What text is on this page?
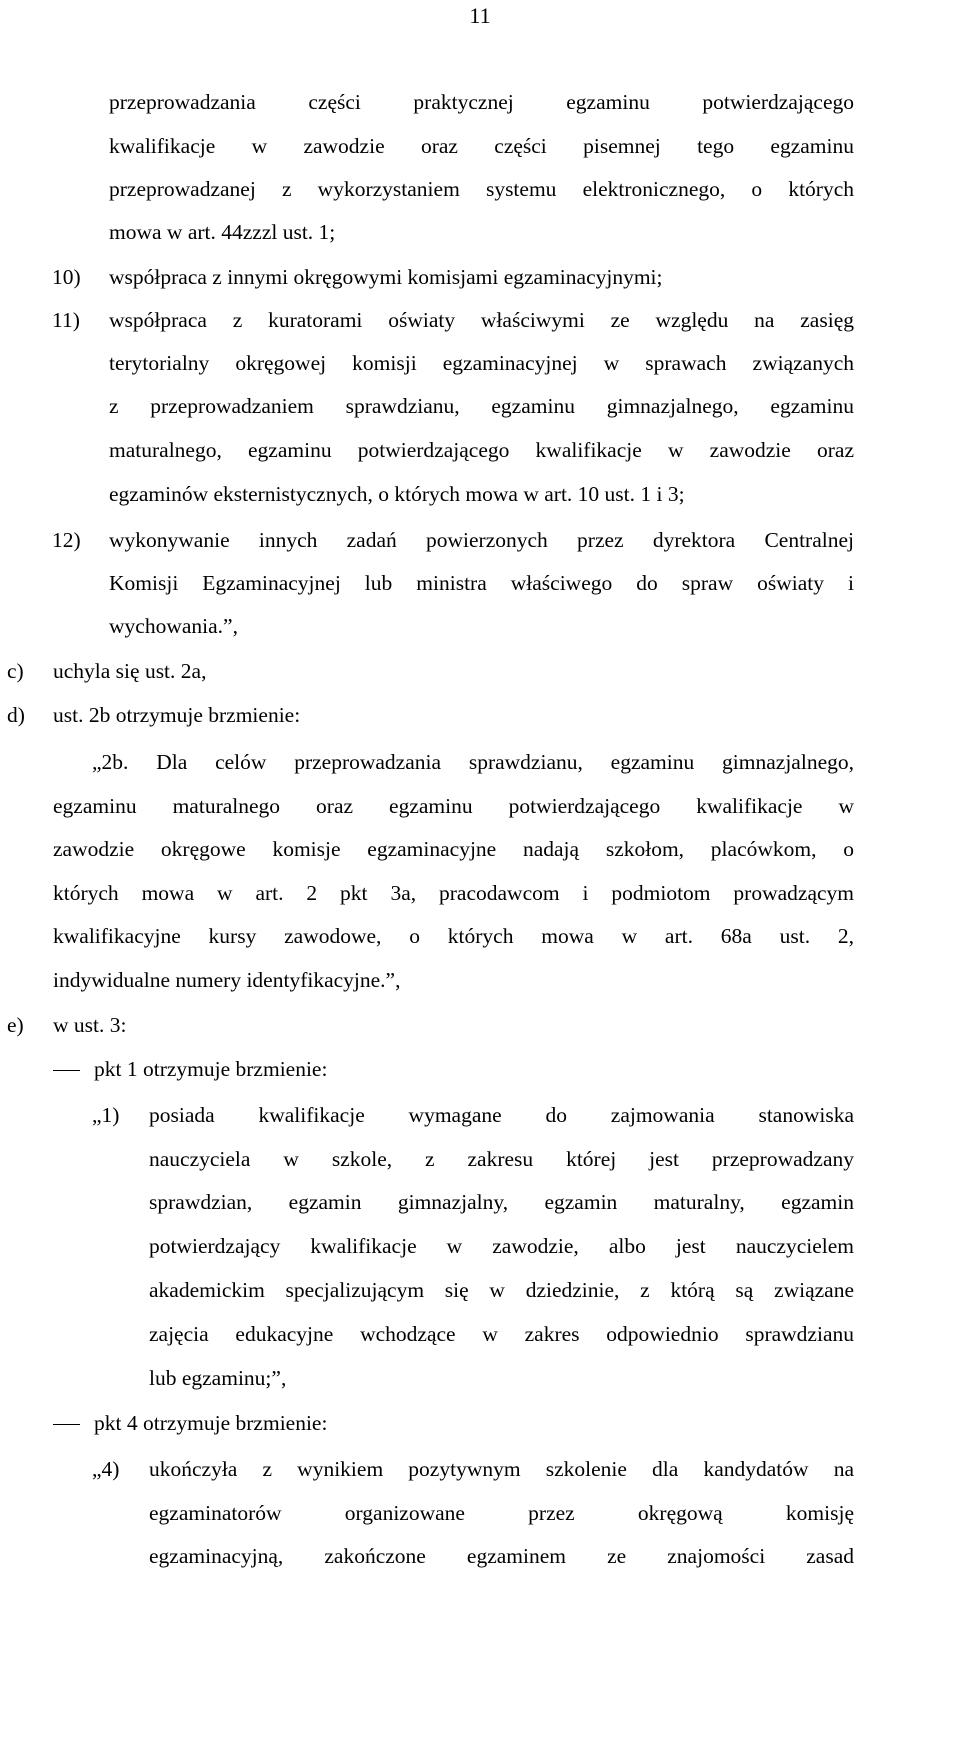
11
przeprowadzania części praktycznej egzaminu potwierdzającego
kwalifikacje w zawodzie oraz części pisemnej tego egzaminu
przeprowadzanej z wykorzystaniem systemu elektronicznego, o których
mowa w art. 44zzzl ust. 1;
10) współpraca z innymi okręgowymi komisjami egzaminacyjnymi;
11) współpraca z kuratorami oświaty właściwymi ze względu na zasięg
terytorialny okręgowej komisji egzaminacyjnej w sprawach związanych
z przeprowadzaniem sprawdzianu, egzaminu gimnazjalnego, egzaminu
maturalnego, egzaminu potwierdzającego kwalifikacje w zawodzie oraz
egzaminów eksternistycznych, o których mowa w art. 10 ust. 1 i 3;
12) wykonywanie innych zadań powierzonych przez dyrektora Centralnej
Komisji Egzaminacyjnej lub ministra właściwego do spraw oświaty i
wychowania.”,
c) uchyla się ust. 2a,
d) ust. 2b otrzymuje brzmienie:
„2b. Dla celów przeprowadzania sprawdzianu, egzaminu gimnazjalnego,
egzaminu maturalnego oraz egzaminu potwierdzającego kwalifikacje w
zawodzie okręgowe komisje egzaminacyjne nadają szkołom, placówkom, o
których mowa w art. 2 pkt 3a, pracodawcom i podmiotom prowadzącym
kwalifikacyjne kursy zawodowe, o których mowa w art. 68a ust. 2,
indywidualne numery identyfikacyjne.”,
e) w ust. 3:
pkt 1 otrzymuje brzmienie:
„1) posiada kwalifikacje wymagane do zajmowania stanowiska
nauczyciela w szkole, z zakresu której jest przeprowadzany
sprawdzian, egzamin gimnazjalny, egzamin maturalny, egzamin
potwierdzający kwalifikacje w zawodzie, albo jest nauczycielem
akademickim specjalizującym się w dziedzinie, z którą są związane
zajęcia edukacyjne wchodzące w zakres odpowiednio sprawdzianu
lub egzaminu;”,
pkt 4 otrzymuje brzmienie:
„4) ukończyła z wynikiem pozytywnym szkolenie dla kandydatów na
egzaminatorów organizowane przez okręgową komisję
egzaminacyjną, zakończone egzaminem ze znajomości zasad
